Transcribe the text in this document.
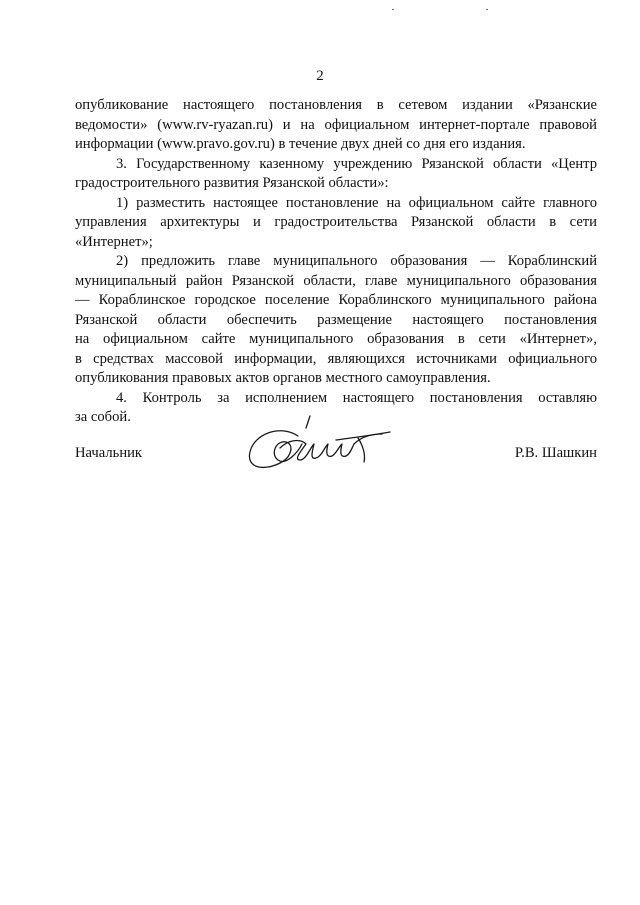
2

опубликование настоящего постановления в сетевом издании «Рязанские
ведомости» (www.rv-ryazan.ru) и на официальном интернет-портале правовой
информации (www.pravo.gov.ru) в течение двух дней со дня его издания.

3. Государственному казенному учреждению Рязанской области «Центр
градостроительного развития Рязанской области»:

1) разместить настоящее постановление на официальном сайте главного
управления архитектуры и градостроительства Рязанской области в сети
«Интернет»;

2) предложить главе муниципального образования — Кораблинский
муниципальный район Рязанской области, главе муниципального образования
— Кораблинское городское поселение Кораблинского муниципального района
Рязанской области обеспечить размещение настоящего постановления
на официальном сайте муниципального образования в сети «Интернет»,
в средствах массовой информации, являющихся источниками официального
опубликования правовых актов органов местного самоуправления.

4. Контроль за исполнением настоящего постановления оставляю
за собой.

Начальник	Р.В. Шашкин
